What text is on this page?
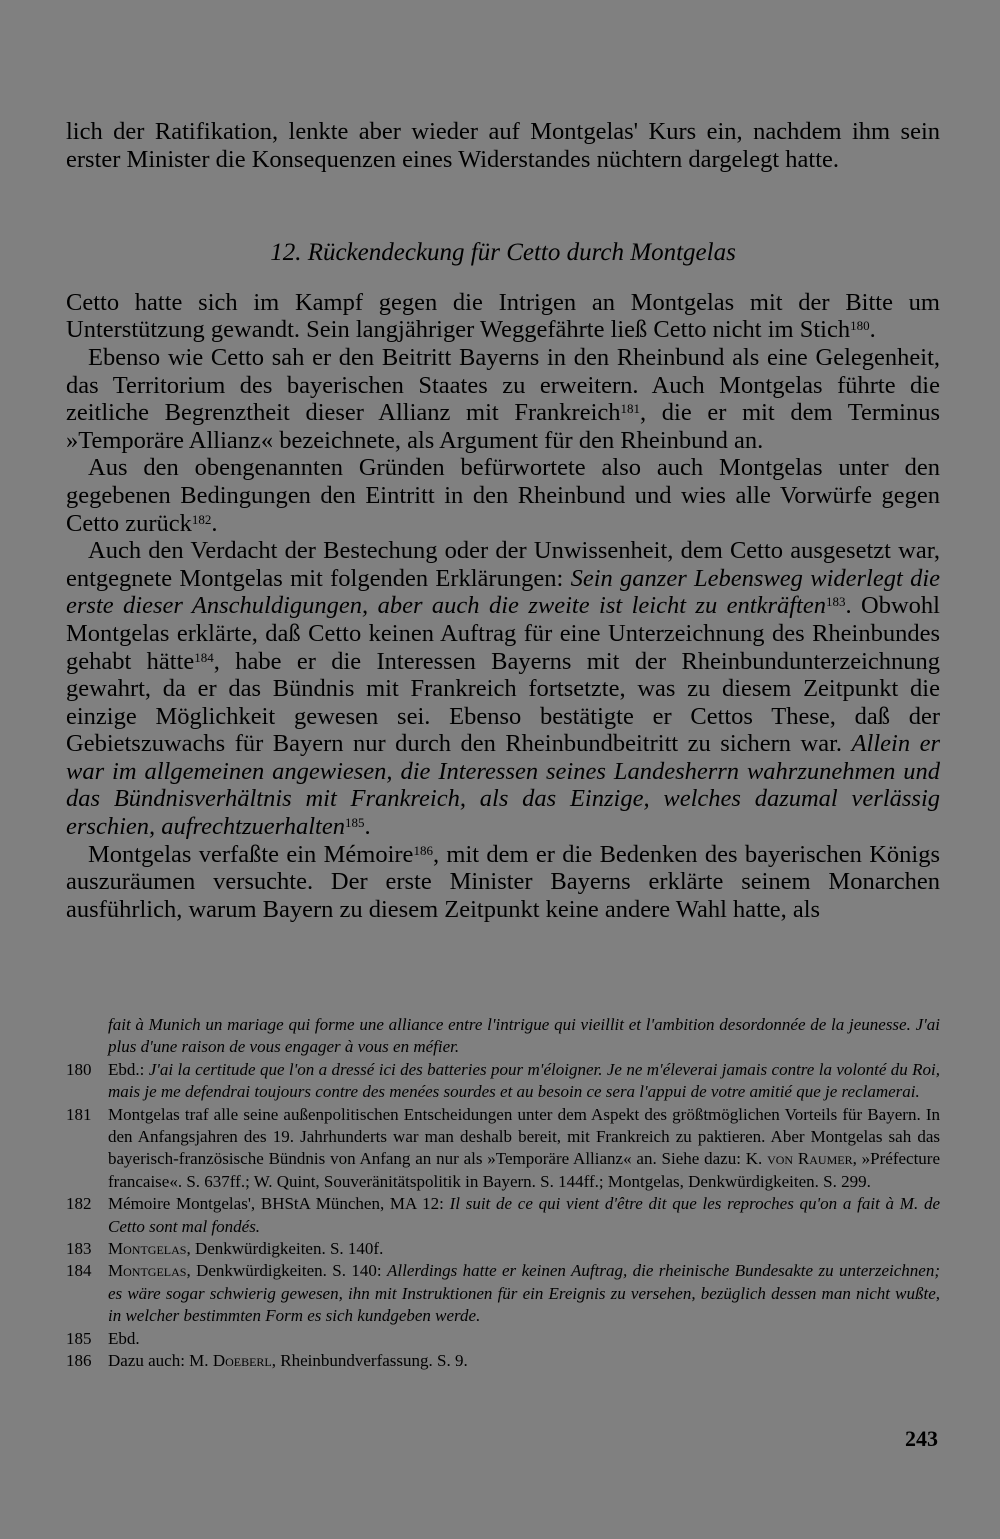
lich der Ratifikation, lenkte aber wieder auf Montgelas' Kurs ein, nachdem ihm sein erster Minister die Konsequenzen eines Widerstandes nüchtern dargelegt hatte.

12. Rückendeckung für Cetto durch Montgelas

Cetto hatte sich im Kampf gegen die Intrigen an Montgelas mit der Bitte um Unterstützung gewandt. Sein langjähriger Weggefährte ließ Cetto nicht im Stich$^{180}$.

Ebenso wie Cetto sah er den Beitritt Bayerns in den Rheinbund als eine Gelegenheit, das Territorium des bayerischen Staates zu erweitern. Auch Montgelas führte die zeitliche Begrenztheit dieser Allianz mit Frankreich$^{181}$, die er mit dem Terminus »Temporäre Allianz« bezeichnete, als Argument für den Rheinbund an.

Aus den obengenannten Gründen befürwortete also auch Montgelas unter den gegebenen Bedingungen den Eintritt in den Rheinbund und wies alle Vorwürfe gegen Cetto zurück$^{182}$.

Auch den Verdacht der Bestechung oder der Unwissenheit, dem Cetto ausgesetzt war, entgegnete Montgelas mit folgenden Erklärungen: Sein ganzer Lebensweg widerlegt die erste dieser Anschuldigungen, aber auch die zweite ist leicht zu entkräften$^{183}$. Obwohl Montgelas erklärte, daß Cetto keinen Auftrag für eine Unterzeichnung des Rheinbundes gehabt hätte$^{184}$, habe er die Interessen Bayerns mit der Rheinbundunterzeichnung gewahrt, da er das Bündnis mit Frankreich fortsetzte, was zu diesem Zeitpunkt die einzige Möglichkeit gewesen sei. Ebenso bestätigte er Cettos These, daß der Gebietszuwachs für Bayern nur durch den Rheinbundbeitritt zu sichern war. Allein er war im allgemeinen angewiesen, die Interessen seines Landesherrn wahrzunehmen und das Bündnisverhältnis mit Frankreich, als das Einzige, welches dazumal verlässig erschien, aufrechtzuerhalten$^{185}$.

Montgelas verfaßte ein Mémoire$^{186}$, mit dem er die Bedenken des bayerischen Königs auszuräumen versuchte. Der erste Minister Bayerns erklärte seinem Monarchen ausführlich, warum Bayern zu diesem Zeitpunkt keine andere Wahl hatte, als

fait à Munich un mariage qui forme une alliance entre l'intrigue qui vieillit et l'ambition desordonnée de la jeunesse. J'ai plus d'une raison de vous engager à vous en méfier.
180 Ebd.: J'ai la certitude que l'on a dressé ici des batteries pour m'éloigner. Je ne m'éleverai jamais contre la volonté du Roi, mais je me defendrai toujours contre des menées sourdes et au besoin ce sera l'appui de votre amitié que je reclamerai.
181 Montgelas traf alle seine außenpolitischen Entscheidungen unter dem Aspekt des größtmöglichen Vorteils für Bayern. In den Anfangsjahren des 19. Jahrhunderts war man deshalb bereit, mit Frankreich zu paktieren. Aber Montgelas sah das bayerisch-französische Bündnis von Anfang an nur als »Temporäre Allianz« an. Siehe dazu: K. von Raumer, »Préfecture francaise«. S. 637ff.; W. Quint, Souveränitätspolitik in Bayern. S. 144ff.; Montgelas, Denkwürdigkeiten. S. 299.
182 Mémoire Montgelas', BHStA München, MA 12: Il suit de ce qui vient d'être dit que les reproches qu'on a fait à M. de Cetto sont mal fondés.
183 Montgelas, Denkwürdigkeiten. S. 140f.
184 Montgelas, Denkwürdigkeiten. S. 140: Allerdings hatte er keinen Auftrag, die rheinische Bundesakte zu unterzeichnen; es wäre sogar schwierig gewesen, ihn mit Instruktionen für ein Ereignis zu versehen, bezüglich dessen man nicht wußte, in welcher bestimmten Form es sich kundgeben werde.
185 Ebd.
186 Dazu auch: M. Doeberl, Rheinbundverfassung. S. 9.
243
